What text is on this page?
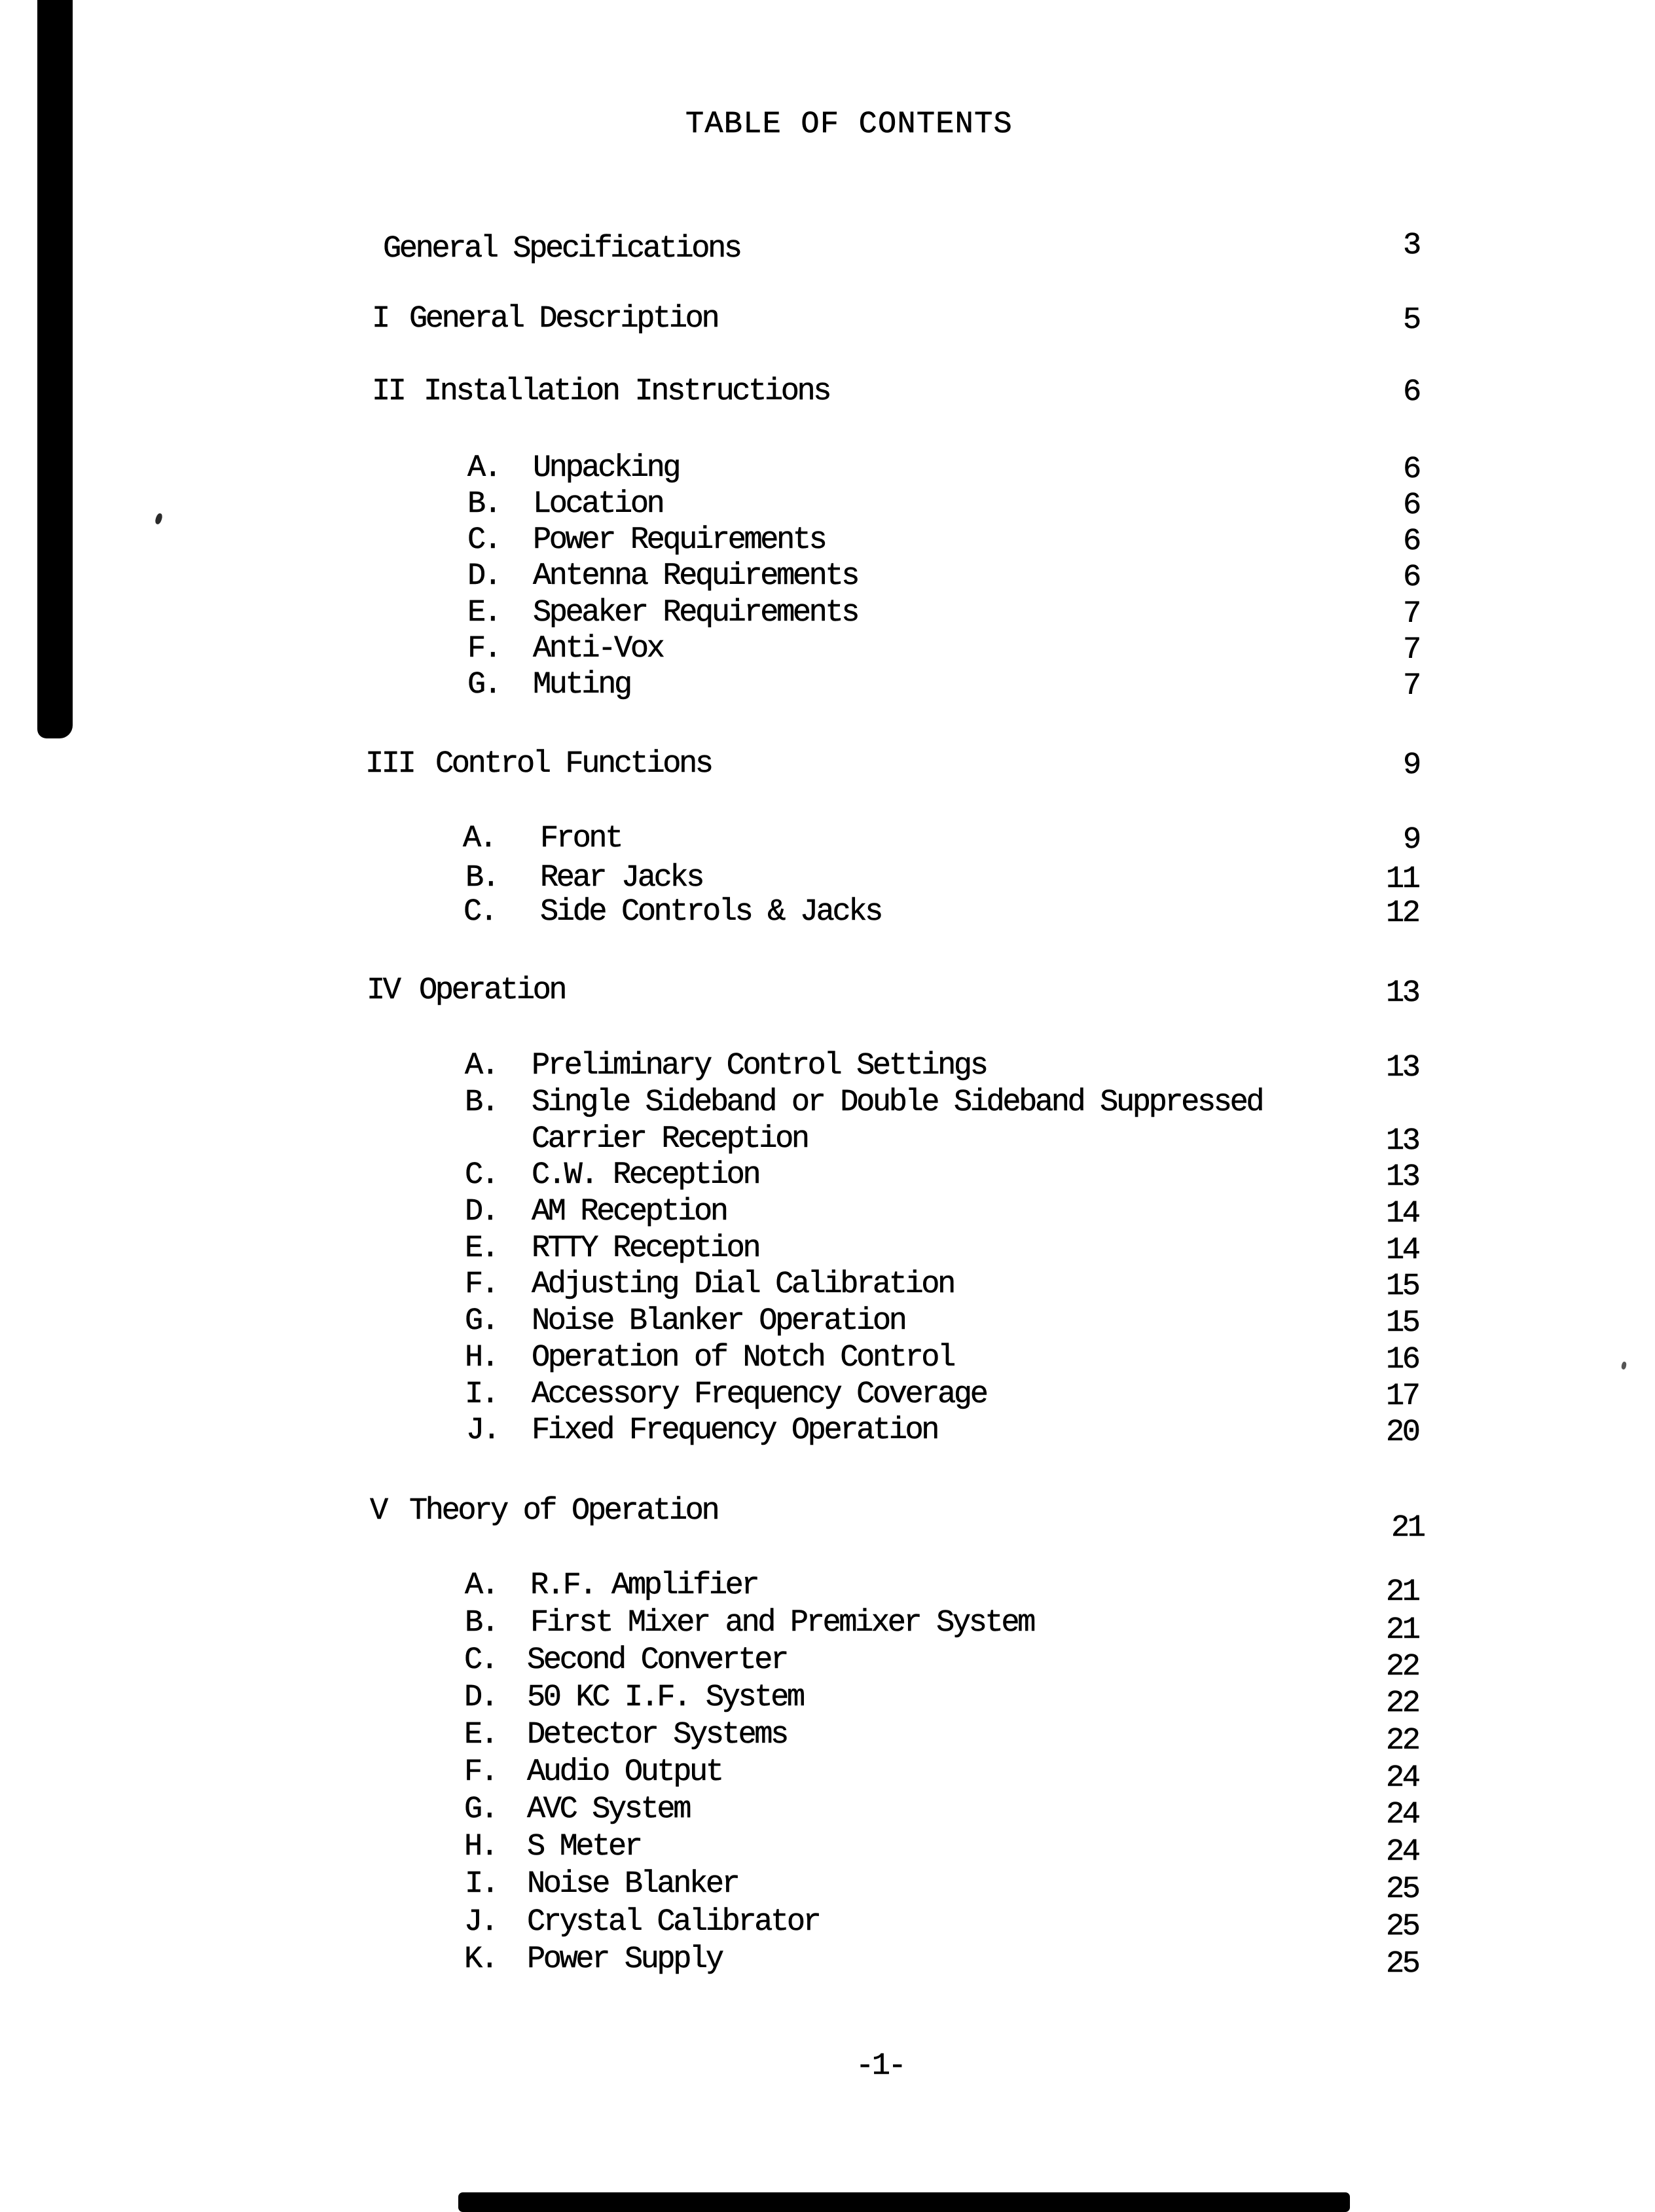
TABLE OF CONTENTS
General Specifications	3
I General Description	5
II Installation Instructions	6
A. Unpacking	6
B. Location	6
C. Power Requirements	6
D. Antenna Requirements	6
E. Speaker Requirements	7
F. Anti-Vox	7
G. Muting	7
III Control Functions	9
A. Front	9
B. Rear Jacks	11
C. Side Controls & Jacks	12
IV Operation	13
A. Preliminary Control Settings	13
B. Single Sideband or Double Sideband Suppressed
Carrier Reception	13
C. C.W. Reception	13
D. AM Reception	14
E. RTTY Reception	14
F. Adjusting Dial Calibration	15
G. Noise Blanker Operation	15
H. Operation of Notch Control	16
I. Accessory Frequency Coverage	17
J. Fixed Frequency Operation	20
V Theory of Operation	21
A. R.F. Amplifier	21
B. First Mixer and Premixer System	21
C. Second Converter	22
D. 50 KC I.F. System	22
E. Detector Systems	22
F. Audio Output	24
G. AVC System	24
H. S Meter	24
I. Noise Blanker	25
J. Crystal Calibrator	25
K. Power Supply	25
-1-
